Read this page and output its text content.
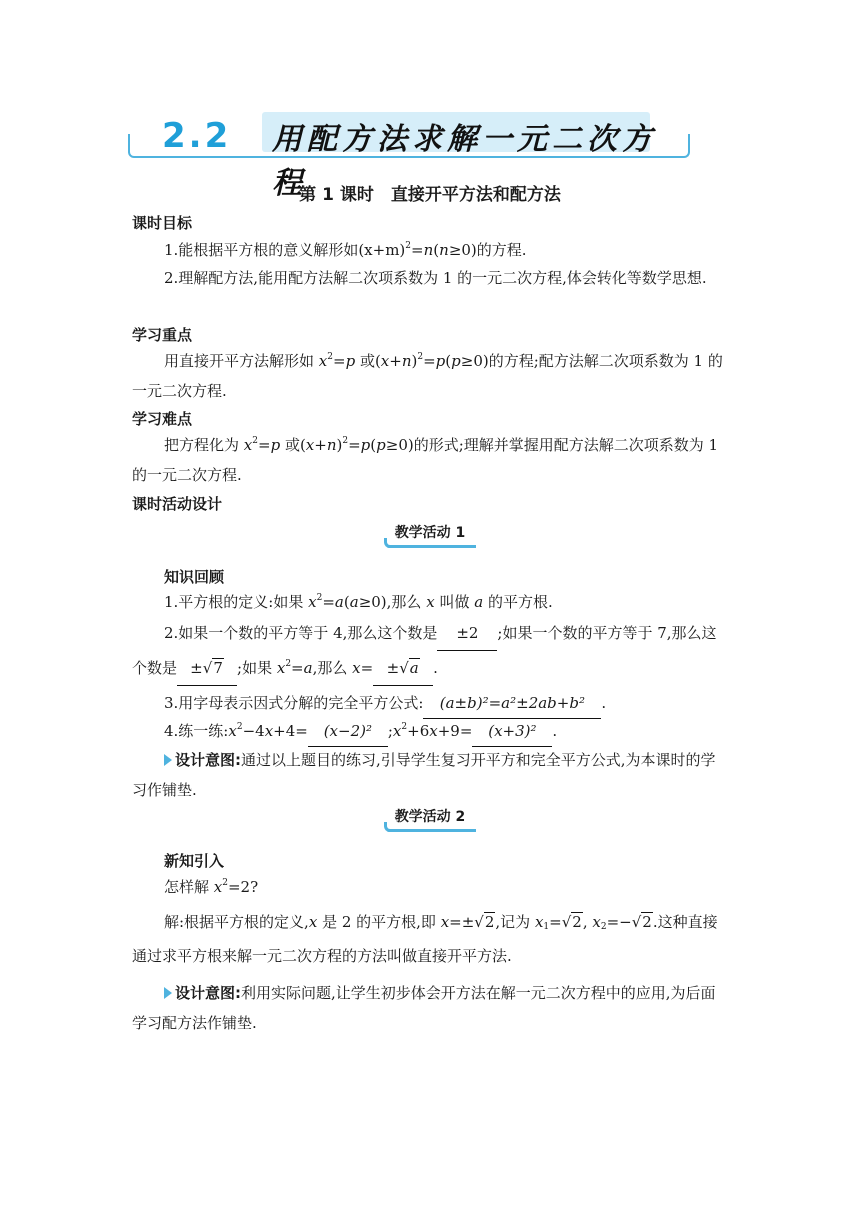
2.2 用配方法求解一元二次方程
第 1 课时　直接开平方法和配方法
课时目标
1.能根据平方根的意义解形如$(x+m)^2=n(n\ge 0)$的方程.
2.理解配方法,能用配方法解二次项系数为 1 的一元二次方程,体会转化等数学思想.
学习重点
用直接开平方法解形如 $x^2=p$ 或$(x+n)^2=p(p\ge 0)$的方程;配方法解二次项系数为 1 的一元二次方程.
学习难点
把方程化为 $x^2=p$ 或$(x+n)^2=p(p\ge 0)$的形式;理解并掌握用配方法解二次项系数为 1 的一元二次方程.
课时活动设计
教学活动 1
知识回顾
1.平方根的定义:如果 $x^2=a(a\ge 0)$,那么 x 叫做 a 的平方根.
2.如果一个数的平方等于 4,那么这个数是 ±2 ;如果一个数的平方等于 7,那么这个数是 ±√7 ;如果 $x^2=a$,那么 x= ±√a .
3.用字母表示因式分解的完全平方公式: (a±b)²=a²±2ab+b² .
4.练一练$:x^2-4x+4= (x-2)^2$ $;x^2+6x+9= (x+3)^2$ .
设计意图:通过以上题目的练习,引导学生复习开平方和完全平方公式,为本课时的学习作铺垫.
教学活动 2
新知引入
怎样解 $x^2=2$?
解:根据平方根的定义,x 是 2 的平方根,即 x=±√2,记为 $x_1=√2$, $x_2=-√2$.这种直接通过求平方根来解一元二次方程的方法叫做直接开平方法.
设计意图:利用实际问题,让学生初步体会开方法在解一元二次方程中的应用,为后面学习配方法作铺垫.
